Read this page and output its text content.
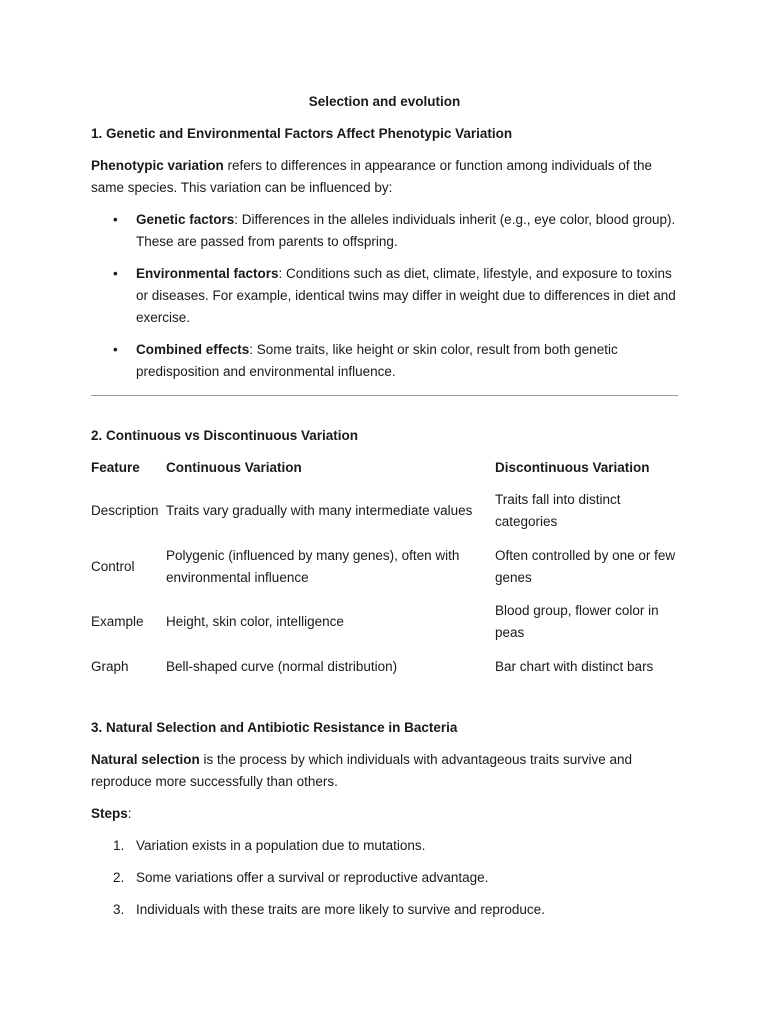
Selection and evolution
1. Genetic and Environmental Factors Affect Phenotypic Variation

Phenotypic variation refers to differences in appearance or function among individuals of the same species. This variation can be influenced by:

• Genetic factors: Differences in the alleles individuals inherit (e.g., eye color, blood group). These are passed from parents to offspring.
• Environmental factors: Conditions such as diet, climate, lifestyle, and exposure to toxins or diseases. For example, identical twins may differ in weight due to differences in diet and exercise.
• Combined effects: Some traits, like height or skin color, result from both genetic predisposition and environmental influence.
2. Continuous vs Discontinuous Variation
Feature	Continuous Variation	Discontinuous Variation
Description	Traits vary gradually with many intermediate values	Traits fall into distinct categories
Control	Polygenic (influenced by many genes), often with environmental influence	Often controlled by one or few genes
Example	Height, skin color, intelligence	Blood group, flower color in peas
Graph	Bell-shaped curve (normal distribution)	Bar chart with distinct bars
3. Natural Selection and Antibiotic Resistance in Bacteria

Natural selection is the process by which individuals with advantageous traits survive and reproduce more successfully than others.

Steps:

1. Variation exists in a population due to mutations.
2. Some variations offer a survival or reproductive advantage.
3. Individuals with these traits are more likely to survive and reproduce.
